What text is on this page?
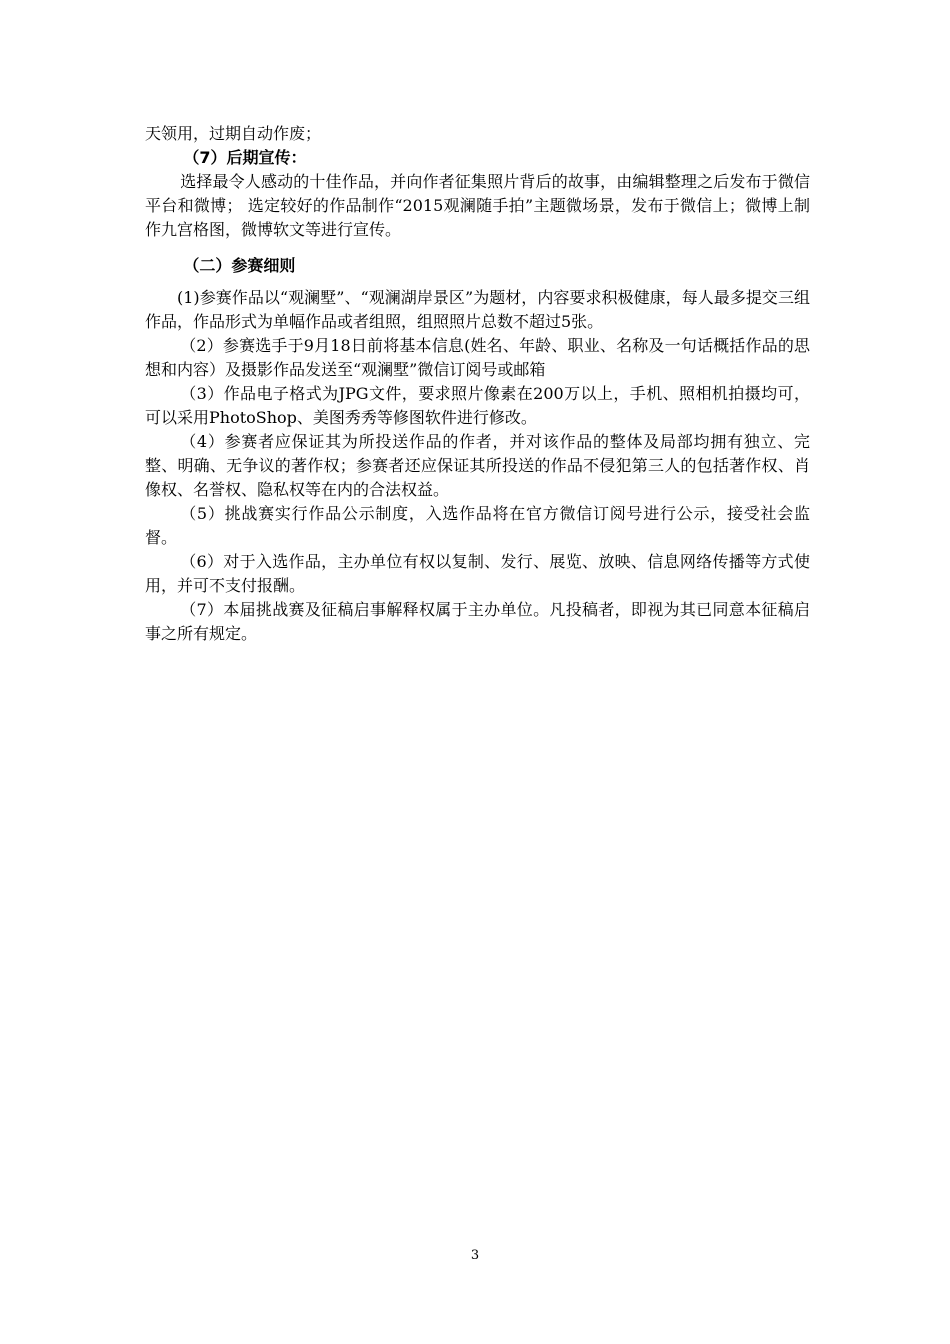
天领用，过期自动作废；

（7）后期宣传：

选择最令人感动的十佳作品，并向作者征集照片背后的故事，由编辑整理之后发布于微信平台和微博； 选定较好的作品制作“2015观澜随手拍”主题微场景，发布于微信上；微博上制作九宫格图，微博软文等进行宣传。

（二）参赛细则

(1)参赛作品以“观澜墅”、“观澜湖岸景区”为题材，内容要求积极健康，每人最多提交三组作品，作品形式为单幅作品或者组照，组照照片总数不超过5张。

（2）参赛选手于9月18日前将基本信息(姓名、年龄、职业、名称及一句话概括作品的思想和内容）及摄影作品发送至“观澜墅”微信订阅号或邮箱

（3）作品电子格式为JPG文件，要求照片像素在200万以上，手机、照相机拍摄均可，可以采用PhotoShop、美图秀秀等修图软件进行修改。

（4）参赛者应保证其为所投送作品的作者，并对该作品的整体及局部均拥有独立、完整、明确、无争议的著作权；参赛者还应保证其所投送的作品不侵犯第三人的包括著作权、肖像权、名誉权、隐私权等在内的合法权益。

（5）挑战赛实行作品公示制度，入选作品将在官方微信订阅号进行公示，接受社会监督。

（6）对于入选作品，主办单位有权以复制、发行、展览、放映、信息网络传播等方式使用，并可不支付报酬。

（7）本届挑战赛及征稿启事解释权属于主办单位。凡投稿者，即视为其已同意本征稿启事之所有规定。

3
